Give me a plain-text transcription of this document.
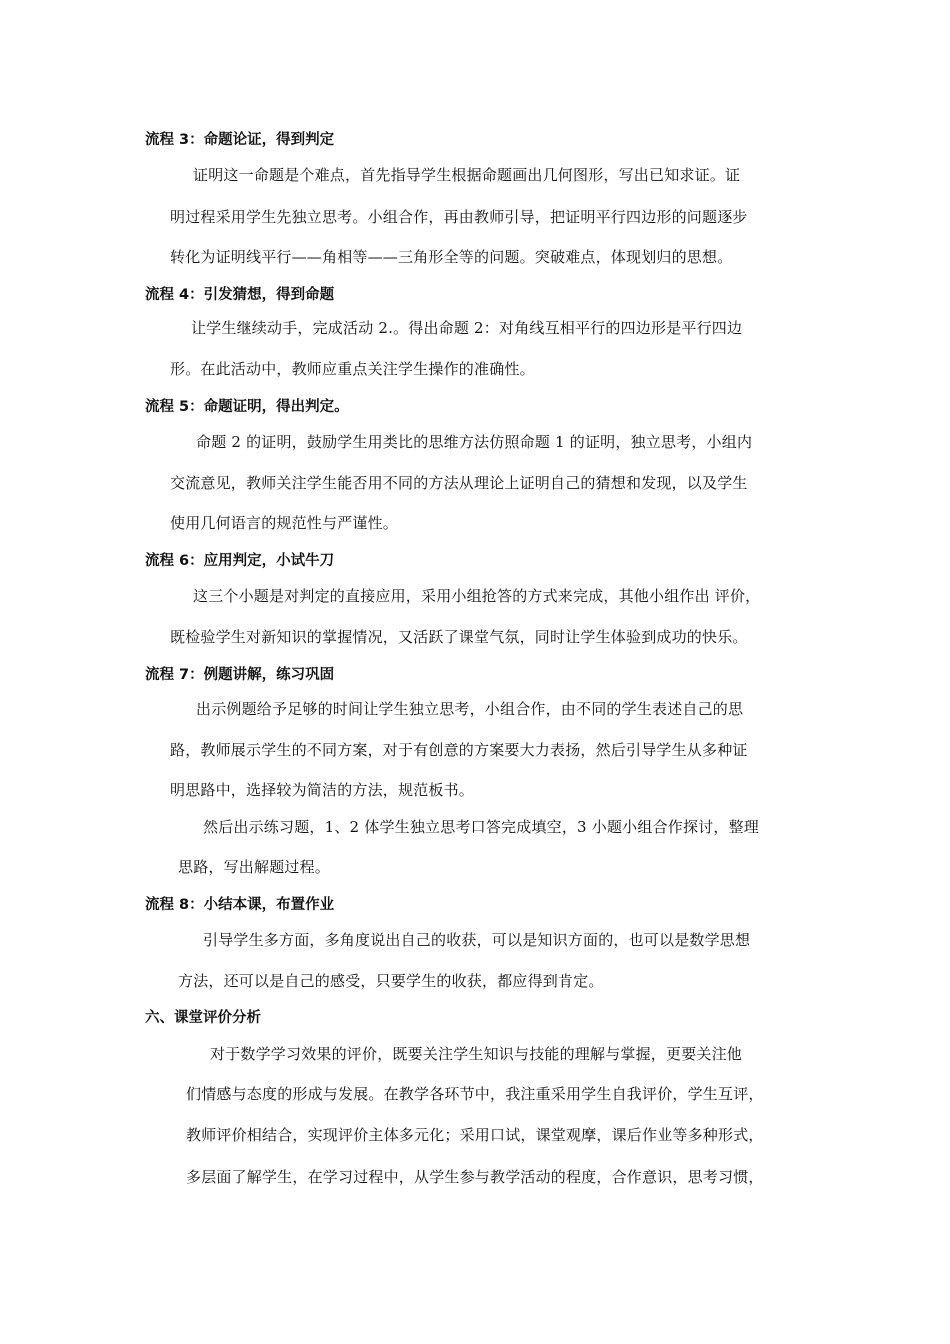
流程 3：命题论证，得到判定
证明这一命题是个难点，首先指导学生根据命题画出几何图形，写出已知求证。证
明过程采用学生先独立思考。小组合作，再由教师引导，把证明平行四边形的问题逐步
转化为证明线平行——角相等——三角形全等的问题。突破难点，体现划归的思想。
流程 4：引发猜想，得到命题
让学生继续动手，完成活动 2.。得出命题 2：对角线互相平行的四边形是平行四边
形。在此活动中，教师应重点关注学生操作的准确性。
流程 5：命题证明，得出判定。
命题 2 的证明，鼓励学生用类比的思维方法仿照命题 1 的证明，独立思考，小组内
交流意见，教师关注学生能否用不同的方法从理论上证明自己的猜想和发现，以及学生
使用几何语言的规范性与严谨性。
流程 6：应用判定，小试牛刀
这三个小题是对判定的直接应用，采用小组抢答的方式来完成，其他小组作出 评价，
既检验学生对新知识的掌握情况，又活跃了课堂气氛，同时让学生体验到成功的快乐。
流程 7：例题讲解，练习巩固
出示例题给予足够的时间让学生独立思考，小组合作，由不同的学生表述自己的思
路，教师展示学生的不同方案，对于有创意的方案要大力表扬，然后引导学生从多种证
明思路中，选择较为简洁的方法，规范板书。
然后出示练习题，1、2 体学生独立思考口答完成填空，3 小题小组合作探讨，整理
思路，写出解题过程。
流程 8：小结本课，布置作业
引导学生多方面，多角度说出自己的收获，可以是知识方面的，也可以是数学思想
方法，还可以是自己的感受，只要学生的收获，都应得到肯定。
六、课堂评价分析
对于数学学习效果的评价，既要关注学生知识与技能的理解与掌握，更要关注他
们情感与态度的形成与发展。在教学各环节中，我注重采用学生自我评价，学生互评，
教师评价相结合，实现评价主体多元化；采用口试，课堂观摩，课后作业等多种形式，
多层面了解学生，在学习过程中，从学生参与教学活动的程度，合作意识，思考习惯，
